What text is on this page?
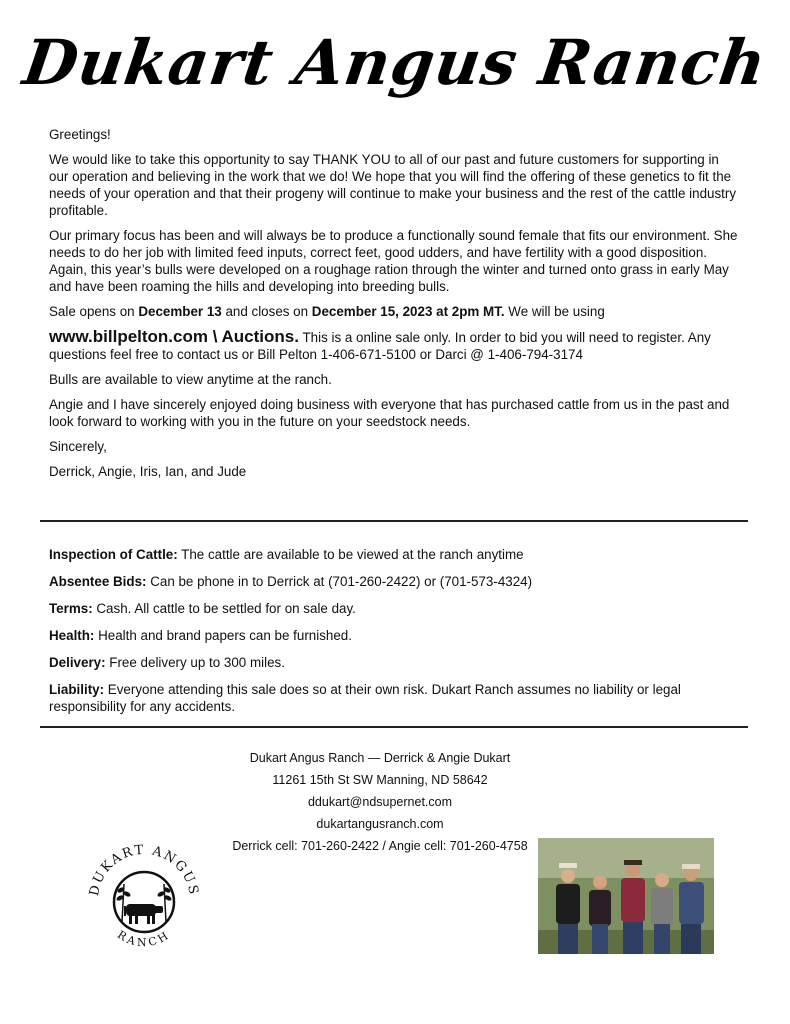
Dukart Angus Ranch

Greetings!

We would like to take this opportunity to say THANK YOU to all of our past and future customers for supporting in our operation and believing in the work that we do! We hope that you will find the offering of these genetics to fit the needs of your operation and that their progeny will continue to make your business and the rest of the cattle industry profitable.

Our primary focus has been and will always be to produce a functionally sound female that fits our environment. She needs to do her job with limited feed inputs, correct feet, good udders, and have fertility with a good disposition. Again, this year’s bulls were developed on a roughage ration through the winter and turned onto grass in early May and have been roaming the hills and developing into breeding bulls.

Sale opens on December 13 and closes on December 15, 2023 at 2pm MT. We will be using

www.billpelton.com \ Auctions. This is a online sale only. In order to bid you will need to register. Any questions feel free to contact us or Bill Pelton 1-406-671-5100 or Darci @ 1-406-794-3174

Bulls are available to view anytime at the ranch.

Angie and I have sincerely enjoyed doing business with everyone that has purchased cattle from us in the past and look forward to working with you in the future on your seedstock needs.

Sincerely,

Derrick, Angie, Iris, Ian, and Jude

Inspection of Cattle: The cattle are available to be viewed at the ranch anytime

Absentee Bids: Can be phone in to Derrick at (701-260-2422) or (701-573-4324)

Terms: Cash. All cattle to be settled for on sale day.

Health: Health and brand papers can be furnished.

Delivery: Free delivery up to 300 miles.

Liability: Everyone attending this sale does so at their own risk. Dukart Ranch assumes no liability or legal responsibility for any accidents.

Dukart Angus Ranch — Derrick & Angie Dukart
11261 15th St SW Manning, ND 58642
ddukart@ndsupernet.com
dukartangusranch.com
Derrick cell: 701-260-2422 / Angie cell: 701-260-4758
DUKART ANGUS
RANCH
